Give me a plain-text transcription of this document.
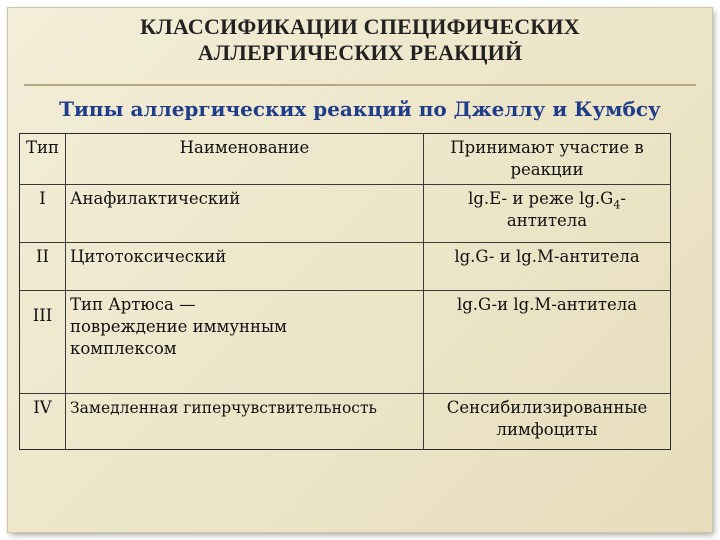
КЛАССИФИКАЦИИ СПЕЦИФИЧЕСКИХ
АЛЛЕРГИЧЕСКИХ РЕАКЦИЙ
Типы аллергических реакций по Джеллу и Кумбсу
Тип	Наименование	Принимают участие в реакции
I	Анафилактический	lg.E- и реже $\lg.G_4$-антитела
II	Цитотоксический	lg.G- и lg.M-антитела
III	Тип Артюса —
повреждение иммунным
комплексом	lg.G-и lg.M-антитела
IV	Замедленная гиперчувствительность	Сенсибилизированные лимфоциты
